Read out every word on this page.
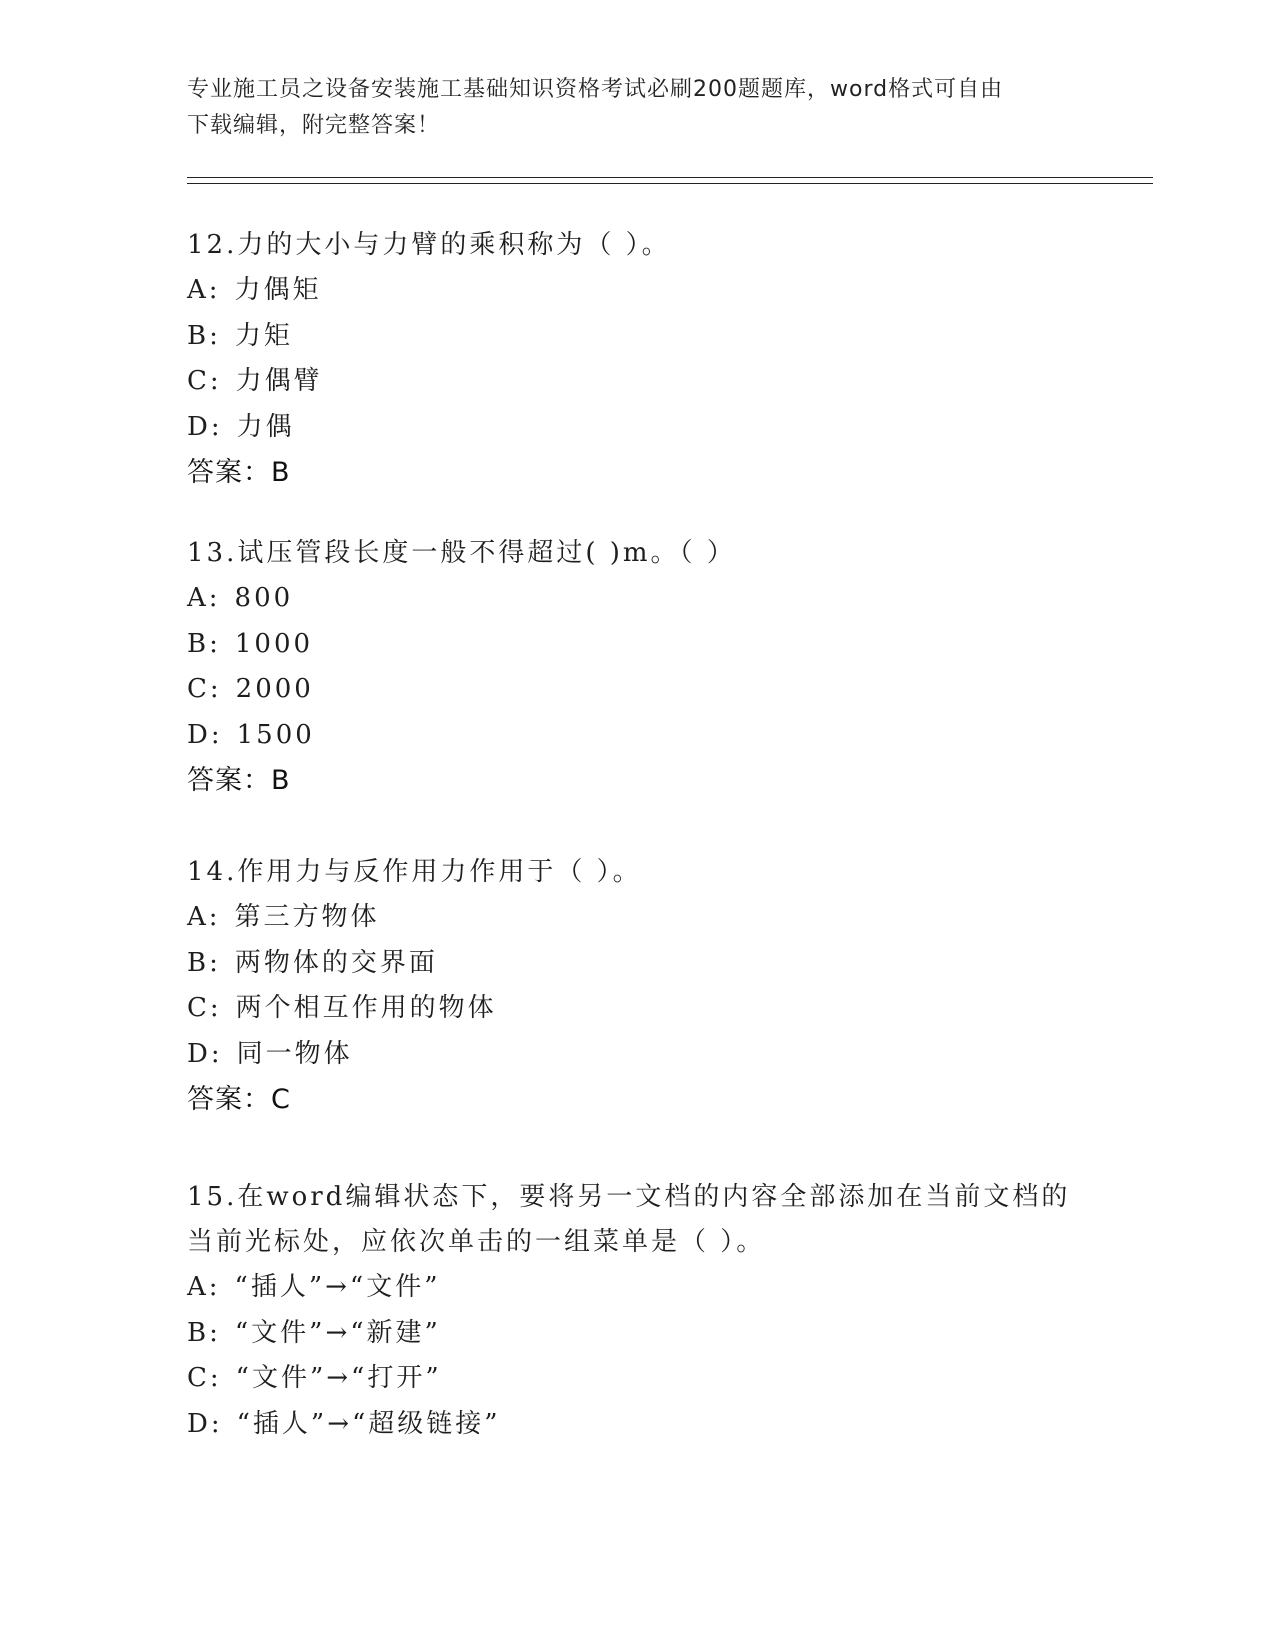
专业施工员之设备安装施工基础知识资格考试必刷200题题库，word格式可自由
下载编辑，附完整答案！

12.力的大小与力臂的乘积称为（ ）。

A: 力偶矩

B: 力矩

C: 力偶臂

D: 力偶

答案：B

13.试压管段长度一般不得超过( )m。（ ）

A: 800

B: 1000

C: 2000

D: 1500

答案：B

14.作用力与反作用力作用于（ ）。

A: 第三方物体

B: 两物体的交界面

C: 两个相互作用的物体

D: 同一物体

答案：C

15.在word编辑状态下，要将另一文档的内容全部添加在当前文档的

当前光标处，应依次单击的一组菜单是（ ）。

A: “插人”→“文件”

B: “文件”→“新建”

C: “文件”→“打开”

D: “插人”→“超级链接”
